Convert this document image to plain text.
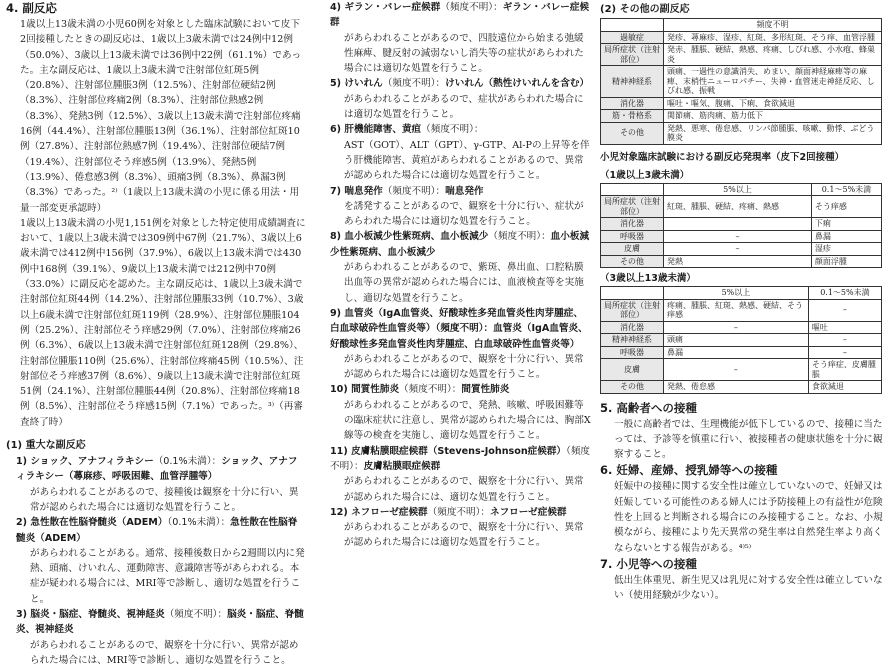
4. 副反応

1歳以上13歳未満の小児60例を対象とした臨床試験において皮下2回接種したときの副反応は、1歳以上3歳未満では24例中12例（50.0%）、3歳以上13歳未満では36例中22例（61.1%）であった。主な副反応は、1歳以上3歳未満で注射部位紅斑5例（20.8%）、注射部位腫脹3例（12.5%）、注射部位硬結2例（8.3%）、注射部位疼痛2例（8.3%）、注射部位熱感2例（8.3%）、発熱3例（12.5%）、3歳以上13歳未満で注射部位疼痛16例（44.4%）、注射部位腫脹13例（36.1%）、注射部位紅斑10例（27.8%）、注射部位熱感7例（19.4%）、注射部位硬結7例（19.4%）、注射部位そう痒感5例（13.9%）、発熱5例（13.9%）、倦怠感3例（8.3%）、頭痛3例（8.3%）、鼻漏3例（8.3%）であった。²⁾（1歳以上13歳未満の小児に係る用法・用量一部変更承認時）

1歳以上13歳未満の小児1,151例を対象とした特定使用成績調査において、1歳以上3歳未満では309例中67例（21.7%）、3歳以上6歳未満では412例中156例（37.9%）、6歳以上13歳未満では430例中168例（39.1%）、9歳以上13歳未満では212例中70例（33.0%）に副反応を認めた。主な副反応は、1歳以上3歳未満で注射部位紅斑44例（14.2%）、注射部位腫脹33例（10.7%）、3歳以上6歳未満で注射部位紅斑119例（28.9%）、注射部位腫脹104例（25.2%）、注射部位そう痒感29例（7.0%）、注射部位疼痛26例（6.3%）、6歳以上13歳未満で注射部位紅斑128例（29.8%）、注射部位腫脹110例（25.6%）、注射部位疼痛45例（10.5%）、注射部位そう痒感37例（8.6%）、9歳以上13歳未満で注射部位紅斑51例（24.1%）、注射部位腫脹44例（20.8%）、注射部位疼痛18例（8.5%）、注射部位そう痒感15例（7.1%）であった。³⁾（再審査終了時）

(1) 重大な副反応
1) ショック、アナフィラキシー（0.1%未満）：ショック、アナフィラキシー（蕁麻疹、呼吸困難、血管浮腫等）
があらわれることがあるので、接種後は観察を十分に行い、異常が認められた場合には適切な処置を行うこと。
2) 急性散在性脳脊髄炎（ADEM）（0.1%未満）：急性散在性脳脊髄炎（ADEM）
があらわれることがある。通常、接種後数日から2週間以内に発熱、頭痛、けいれん、運動障害、意識障害等があらわれる。本症が疑われる場合には、MRI等で診断し、適切な処置を行うこと。
3) 脳炎・脳症、脊髄炎、視神経炎（頻度不明）：脳炎・脳症、脊髄炎、視神経炎
があらわれることがあるので、観察を十分に行い、異常が認められた場合には、MRI等で診断し、適切な処置を行うこと。
4) ギラン・バレー症候群（頻度不明）：ギラン・バレー症候群
があらわれることがあるので、四肢遠位から始まる弛緩性麻痺、腱反射の減弱ないし消失等の症状があらわれた場合には適切な処置を行うこと。
5) けいれん（頻度不明）：けいれん（熱性けいれんを含む）
があらわれることがあるので、症状があらわれた場合には適切な処置を行うこと。
6) 肝機能障害、黄疸（頻度不明）：
AST（GOT）、ALT（GPT）、γ-GTP、Al-Pの上昇等を伴う肝機能障害、黄疸があらわれることがあるので、異常が認められた場合には適切な処置を行うこと。
7) 喘息発作（頻度不明）：喘息発作
を誘発することがあるので、観察を十分に行い、症状があらわれた場合には適切な処置を行うこと。
8) 血小板減少性紫斑病、血小板減少（頻度不明）：血小板減少性紫斑病、血小板減少
があらわれることがあるので、紫斑、鼻出血、口腔粘膜出血等の異常が認められた場合には、血液検査等を実施し、適切な処置を行うこと。
9) 血管炎（IgA血管炎、好酸球性多発血管炎性肉芽腫症、白血球破砕性血管炎等）（頻度不明）：血管炎（IgA血管炎、好酸球性多発血管炎性肉芽腫症、白血球破砕性血管炎等）
があらわれることがあるので、観察を十分に行い、異常が認められた場合には適切な処置を行うこと。
10) 間質性肺炎（頻度不明）：間質性肺炎
があらわれることがあるので、発熱、咳嗽、呼吸困難等の臨床症状に注意し、異常が認められた場合には、胸部X線等の検査を実施し、適切な処置を行うこと。
11) 皮膚粘膜眼症候群（Stevens-Johnson症候群）（頻度不明）：皮膚粘膜眼症候群
があらわれることがあるので、観察を十分に行い、異常が認められた場合には、適切な処置を行うこと。
12) ネフローゼ症候群（頻度不明）：ネフローゼ症候群
があらわれることがあるので、観察を十分に行い、異常が認められた場合には適切な処置を行うこと。
(2) その他の副反応
	頻度不明
過敏症	発疹、蕁麻疹、湿疹、紅斑、多形紅斑、そう痒、血管浮腫
局所症状（注射部位）	発赤、腫脹、硬結、熱感、疼痛、しびれ感、小水疱、蜂巣炎
精神神経系	頭痛、一過性の意識消失、めまい、顔面神経麻痺等の麻痺、末梢性ニューロパチー、失神・血管迷走神経反応、しびれ感、振戦
消化器	嘔吐・嘔気、腹痛、下痢、食欲減退
筋・骨格系	関節痛、筋肉痛、筋力低下
その他	発熱、悪寒、倦怠感、リンパ節腫脹、咳嗽、動悸、ぶどう膜炎
小児対象臨床試験における副反応発現率（皮下2回接種）
（1歳以上3歳未満）
	5%以上	0.1～5%未満
局所症状（注射部位）	紅斑、腫脹、硬結、疼痛、熱感	そう痒感
消化器		下痢
呼吸器	–	鼻漏
皮膚	–	湿疹
その他	発熱	顔面浮腫
（3歳以上13歳未満）
	5%以上	0.1～5%未満
局所症状（注射部位）	疼痛、腫脹、紅斑、熱感、硬結、そう痒感	–
消化器	–	嘔吐
精神神経系	頭痛	–
呼吸器	鼻漏	–
皮膚	–	そう痒症、皮膚腫脹
その他	発熱、倦怠感	食欲減退
5. 高齢者への接種

一般に高齢者では、生理機能が低下しているので、接種に当たっては、予診等を慎重に行い、被接種者の健康状態を十分に観察すること。

6. 妊婦、産婦、授乳婦等への接種

妊娠中の接種に関する安全性は確立していないので、妊婦又は妊娠している可能性のある婦人には予防接種上の有益性が危険性を上回ると判断される場合にのみ接種すること。なお、小規模ながら、接種により先天異常の発生率は自然発生率より高くならないとする報告がある。⁴⁾⁵⁾

7. 小児等への接種

低出生体重児、新生児又は乳児に対する安全性は確立していない（使用経験が少ない）。
